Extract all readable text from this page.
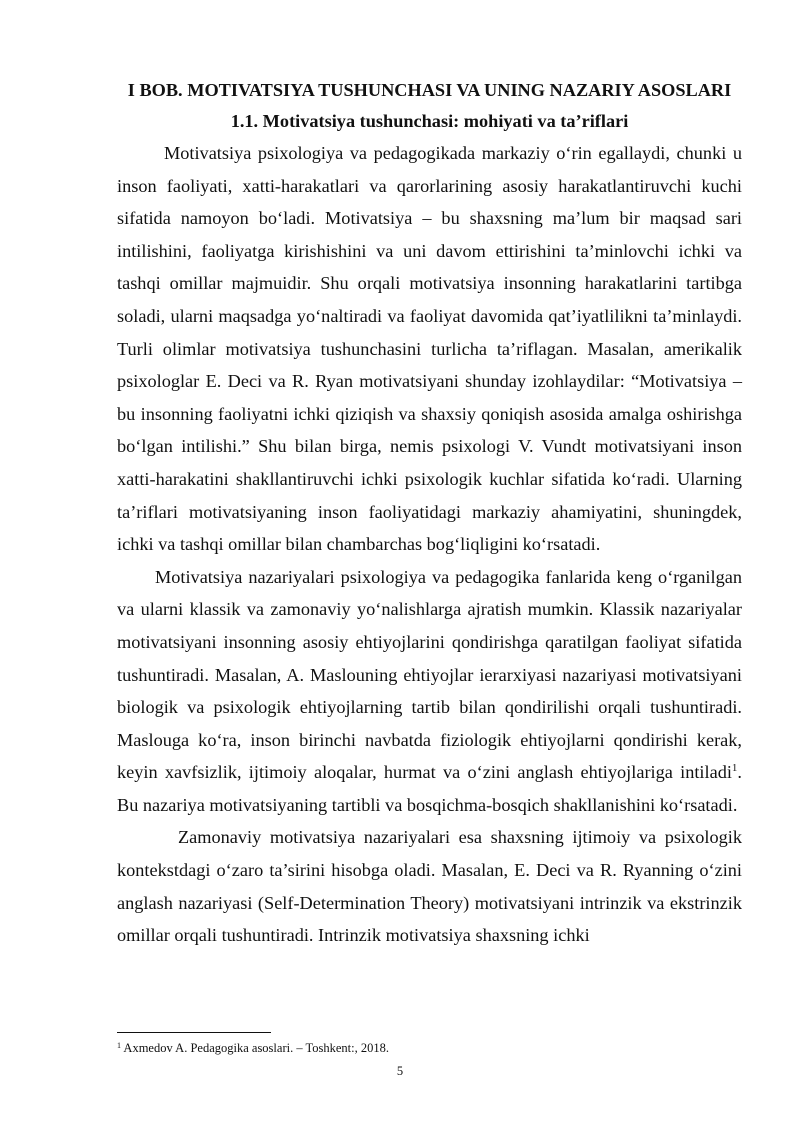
I BOB. MOTIVATSIYA TUSHUNCHASI VA UNING NAZARIY ASOSLARI
1.1. Motivatsiya tushunchasi: mohiyati va ta’riflari

Motivatsiya psixologiya va pedagogikada markaziy o‘rin egallaydi, chunki u inson faoliyati, xatti-harakatlari va qarorlarining asosiy harakatlantiruvchi kuchi sifatida namoyon bo‘ladi. Motivatsiya – bu shaxsning ma’lum bir maqsad sari intilishini, faoliyatga kirishishini va uni davom ettirishini ta’minlovchi ichki va tashqi omillar majmuidir. Shu orqali motivatsiya insonning harakatlarini tartibga soladi, ularni maqsadga yo‘naltiradi va faoliyat davomida qat’iyatlilikni ta’minlaydi. Turli olimlar motivatsiya tushunchasini turlicha ta’riflagan. Masalan, amerikalik psixologlar E. Deci va R. Ryan motivatsiyani shunday izohlaydilar: “Motivatsiya – bu insonning faoliyatni ichki qiziqish va shaxsiy qoniqish asosida amalga oshirishga bo‘lgan intilishi.” Shu bilan birga, nemis psixologi V. Vundt motivatsiyani inson xatti-harakatini shakllantiruvchi ichki psixologik kuchlar sifatida ko‘radi. Ularning ta’riflari motivatsiyaning inson faoliyatidagi markaziy ahamiyatini, shuningdek, ichki va tashqi omillar bilan chambarchas bog‘liqligini ko‘rsatadi.

Motivatsiya nazariyalari psixologiya va pedagogika fanlarida keng o‘rganilgan va ularni klassik va zamonaviy yo‘nalishlarga ajratish mumkin. Klassik nazariyalar motivatsiyani insonning asosiy ehtiyojlarini qondirishga qaratilgan faoliyat sifatida tushuntiradi. Masalan, A. Maslouning ehtiyojlar ierarxiyasi nazariyasi motivatsiyani biologik va psixologik ehtiyojlarning tartib bilan qondirilishi orqali tushuntiradi. Maslouga ko‘ra, inson birinchi navbatda fiziologik ehtiyojlarni qondirishi kerak, keyin xavfsizlik, ijtimoiy aloqalar, hurmat va o‘zini anglash ehtiyojlariga intiladi$^1$. Bu nazariya motivatsiyaning tartibli va bosqichma-bosqich shakllanishini ko‘rsatadi.

Zamonaviy motivatsiya nazariyalari esa shaxsning ijtimoiy va psixologik kontekstdagi o‘zaro ta’sirini hisobga oladi. Masalan, E. Deci va R. Ryanning o‘zini anglash nazariyasi (Self-Determination Theory) motivatsiyani intrinzik va ekstrinzik omillar orqali tushuntiradi. Intrinzik motivatsiya shaxsning ichki

$^1$ Axmedov A. Pedagogika asoslari. – Toshkent:, 2018.
5
